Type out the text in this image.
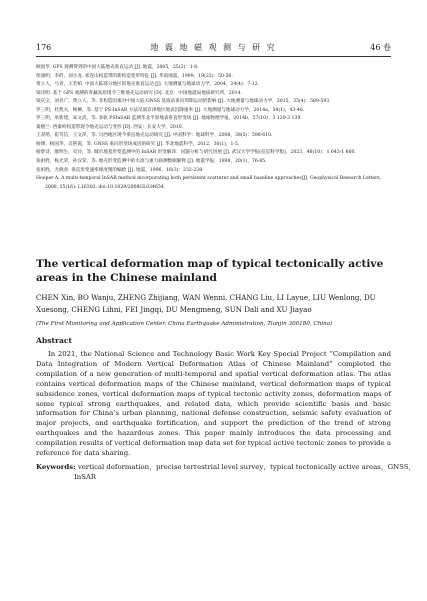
176	地 震 地 磁 观 测 与 研 究	46 卷

顾国华. GPS 观测得到的中国大陆地壳垂直运动 [J]. 地震，2005，25(3)：1-8.

侯康明，李纤，刘小龙. 祁连山构造带的新构造变形特征 [J]. 华南地震，1999，19(22)：50-56.

黄立人，马青，王若柏. 中国大陆部分地区的地壳垂直运动 [J]. 大地测量与地球动力学，2004，24(4)：7-12.

梁诗明. 基于 GPS 观测的青藏高原现今三维地壳运动研究 [D]. 北京：中国地震局地质研究所，2014.

梁庆宝，刘君广，黄立人，等. 非构造因素对中国大陆 GNSS 基准站垂向周期运动的影响 [J]. 大地测量与地球动力学，2015，35(4)：589-593.

罗三明，杜凯夫，畅柳，等. 基于 PS-InSAR 方法反演京津地区地表沉降速率 [J]. 大地测量与地球动力学，2014a，34(1)，43-46.

罗三明，单新建，朱文武，等. 多轨 PSInSAR 监测华北平原地表垂直形变场 [J]. 地球物理学报，2014b，57(10)：3 129-3 139.

秦德兰. 西秦岭构造带现今地壳运动与变形 [D]. 西安：长安大学，2010.

王双绪，崔笃信，王文萍，等. 川西地区现今垂直地壳运动研究 [J]. 中国科学：地球科学，2008，38(5)：598-610.

杨博，杨国华，吴艳霞，等. GNSS 垂向形变场成因的研究 [J]. 华北地震科学，2012，30(1)，1-5.

杨梦诗，廖明生，史玲，等. 城市地基形变监测中的 InSAR 形变解译：问题分析与研究进展 [J]. 武汉大学学报(信息科学版)，2023，48(10)：1 643-1 660.

张祖胜，杨光荣，孙汉荣，等. 地壳形变监测中的水准与重力联测数据解释 [J]. 地震学报，1998，20(1)，76-85.

张祖胜，尤晓青. 垂直形变速率梯度图的编绘 [J]. 地震，1996，16(3)：232-238.

Hooper A. A multi-temporal InSAR method incorporating both persistent scatterer and small baseline approaches[J]. Geophysical Research Letters, 2008, 35(16): L16302. doi:10.1029/2008GL034654.

The vertical deformation map of typical tectonically active areas in the Chinese mainland

CHEN Xin, BO Wanju, ZHENG Zhijiang, WAN Wenni, CHANG Liu, LI Layue, LIU Wenlong, DU Xuesong, CHENG Lihni, FEI Jingqi, DU Mengmeng, SUN Dali and XU Jiayao

(The First Monitoring and Application Center, China Earthquake Administration, Tianjin 300180, China)

Abstract

In 2021, the National Science and Technology Basic Work Key Special Project “Compilation and Data Integration of Modern Vertical Deformation Atlas of Chinese Mainland” completed the compilation of a new generation of multi-temporal and spatial vertical deformation atlas. The atlas contains vertical deformation maps of the Chinese mainland, vertical deformation maps of typical subsidence zones, vertical deformation maps of typical tectonic activity zones, deformation maps of some typical strong earthquakes, and related data, which provide scientific basis and basic information for China’s urban planning, national defense construction, seismic safety evaluation of major projects, and earthquake fortification, and support the prediction of the trend of strong earthquakes and the hazardous zones. This paper mainly introduces the data processing and compilation results of vertical deformation map data set for typical active tectonic zones to provide a reference for data sharing.

Keywords: vertical deformation，precise terrestrial level survey，typical tectonically active areas，GNSS，InSAR
